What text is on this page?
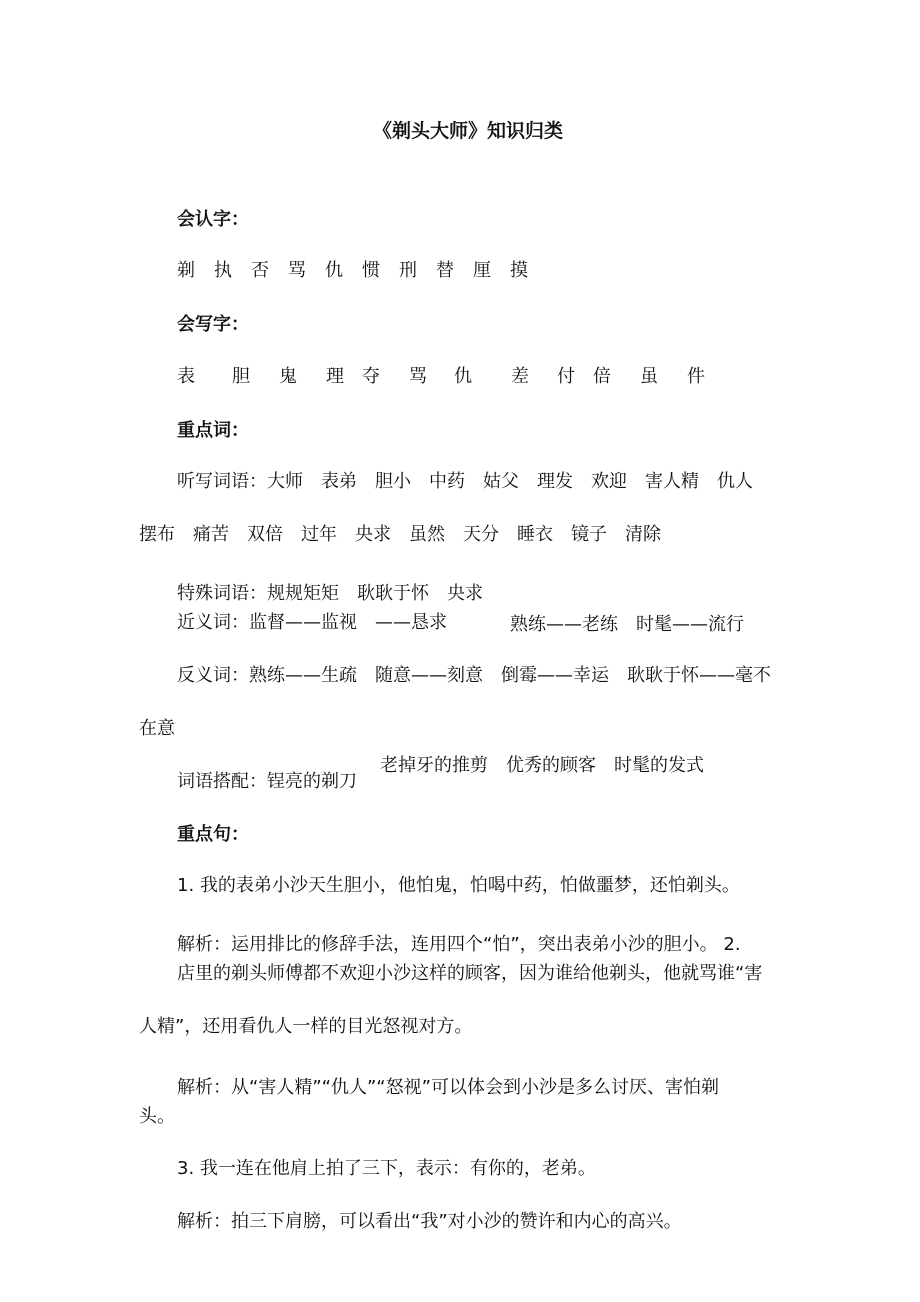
《剃头大师》知识归类
会认字：
剃 执 否 骂 仇 惯 刑 替 厘 摸
会写字：
表 胆 鬼 理 夺 骂 仇 差 付 倍 虽 件
重点词：
听写词语：大师　表弟　胆小　中药　姑父　理发　欢迎　害人精　仇人
摆布　痛苦　双倍　过年　央求　虽然　天分　睡衣　镜子　清除
特殊词语：规规矩矩　耿耿于怀　央求
近义词：监督——监视　——恳求	熟练——老练　时髦——流行
反义词：熟练——生疏　随意——刻意　倒霉——幸运　耿耿于怀——毫不
在意
词语搭配：锃亮的剃刀
老掉牙的推剪　优秀的顾客　时髦的发式
重点句：
1. 我的表弟小沙天生胆小，他怕鬼，怕喝中药，怕做噩梦，还怕剃头。
解析：运用排比的修辞手法，连用四个“怕”，突出表弟小沙的胆小。 2.
店里的剃头师傅都不欢迎小沙这样的顾客，因为谁给他剃头，他就骂谁“害
人精”，还用看仇人一样的目光怒视对方。
解析：从“害人精”“仇人”“怒视”可以体会到小沙是多么讨厌、害怕剃
头。
3. 我一连在他肩上拍了三下，表示：有你的，老弟。
解析：拍三下肩膀，可以看出“我”对小沙的赞许和内心的高兴。
